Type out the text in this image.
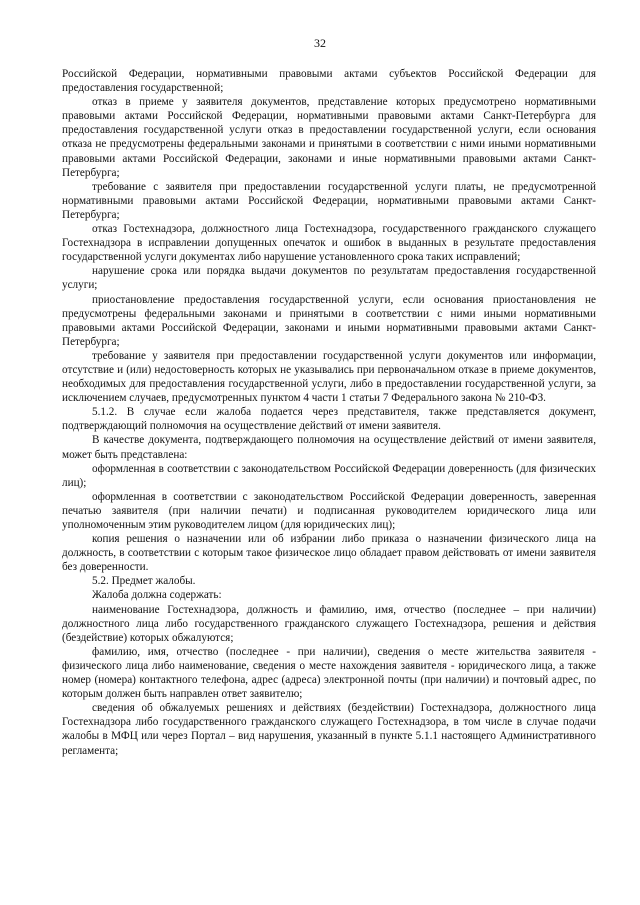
32

Российской Федерации, нормативными правовыми актами субъектов Российской Федерации для предоставления государственной;

отказ в приеме у заявителя документов, представление которых предусмотрено нормативными правовыми актами Российской Федерации, нормативными правовыми актами Санкт-Петербурга для предоставления государственной услуги отказ в предоставлении государственной услуги, если основания отказа не предусмотрены федеральными законами и принятыми в соответствии с ними иными нормативными правовыми актами Российской Федерации, законами и иные нормативными правовыми актами Санкт-Петербурга;

требование с заявителя при предоставлении государственной услуги платы, не предусмотренной нормативными правовыми актами Российской Федерации, нормативными правовыми актами Санкт-Петербурга;

отказ Гостехнадзора, должностного лица Гостехнадзора, государственного гражданского служащего Гостехнадзора в исправлении допущенных опечаток и ошибок в выданных в результате предоставления государственной услуги документах либо нарушение установленного срока таких исправлений;

нарушение срока или порядка выдачи документов по результатам предоставления государственной услуги;

приостановление предоставления государственной услуги, если основания приостановления не предусмотрены федеральными законами и принятыми в соответствии с ними иными нормативными правовыми актами Российской Федерации, законами и иными нормативными правовыми актами Санкт-Петербурга;

требование у заявителя при предоставлении государственной услуги документов или информации, отсутствие и (или) недостоверность которых не указывались при первоначальном отказе в приеме документов, необходимых для предоставления государственной услуги, либо в предоставлении государственной услуги, за исключением случаев, предусмотренных пунктом 4 части 1 статьи 7 Федерального закона № 210-ФЗ.

5.1.2. В случае если жалоба подается через представителя, также представляется документ, подтверждающий полномочия на осуществление действий от имени заявителя.

В качестве документа, подтверждающего полномочия на осуществление действий от имени заявителя, может быть представлена:

оформленная в соответствии с законодательством Российской Федерации доверенность (для физических лиц);

оформленная в соответствии с законодательством Российской Федерации доверенность, заверенная печатью заявителя (при наличии печати) и подписанная руководителем юридического лица или уполномоченным этим руководителем лицом (для юридических лиц);

копия решения о назначении или об избрании либо приказа о назначении физического лица на должность, в соответствии с которым такое физическое лицо обладает правом действовать от имени заявителя без доверенности.

5.2. Предмет жалобы.

Жалоба должна содержать:

наименование Гостехнадзора, должность и фамилию, имя, отчество (последнее – при наличии) должностного лица либо государственного гражданского служащего Гостехнадзора, решения и действия (бездействие) которых обжалуются;

фамилию, имя, отчество (последнее - при наличии), сведения о месте жительства заявителя - физического лица либо наименование, сведения о месте нахождения заявителя - юридического лица, а также номер (номера) контактного телефона, адрес (адреса) электронной почты (при наличии) и почтовый адрес, по которым должен быть направлен ответ заявителю;

сведения об обжалуемых решениях и действиях (бездействии) Гостехнадзора, должностного лица Гостехнадзора либо государственного гражданского служащего Гостехнадзора, в том числе в случае подачи жалобы в МФЦ или через Портал – вид нарушения, указанный в пункте 5.1.1 настоящего Административного регламента;
